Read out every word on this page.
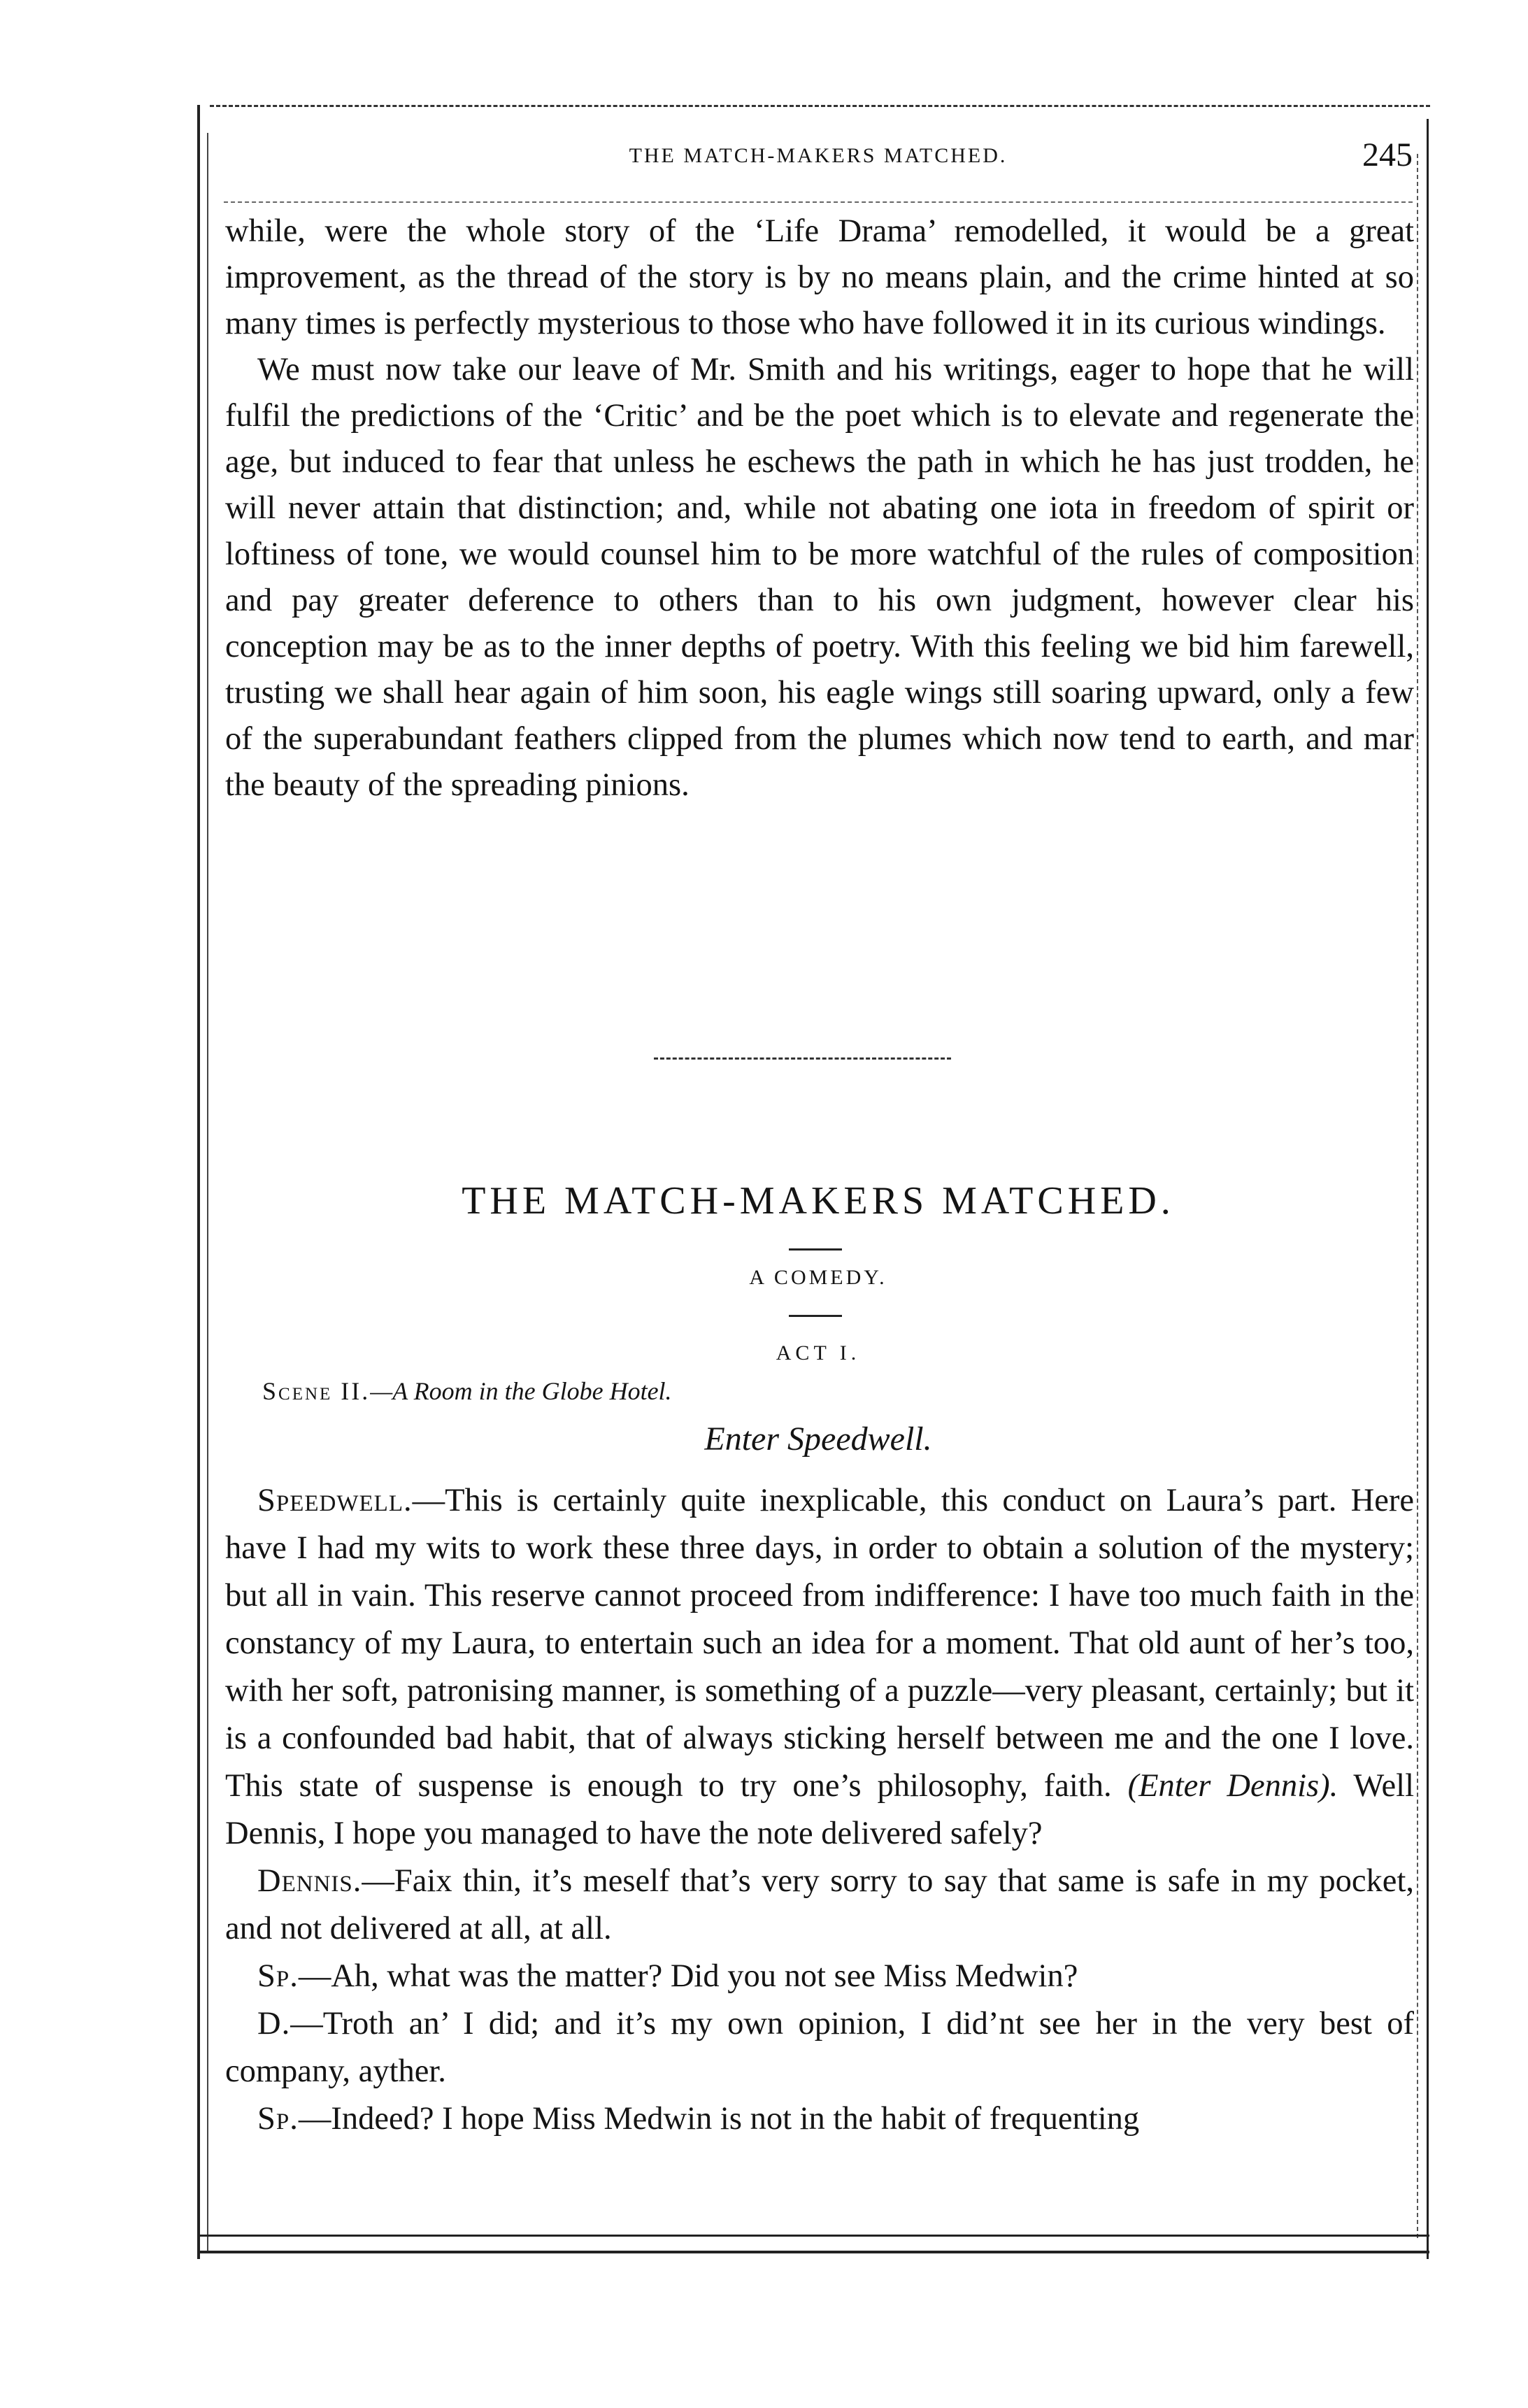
THE MATCH-MAKERS MATCHED.	245

while, were the whole story of the ‘Life Drama’ remodelled, it would be a great improvement, as the thread of the story is by no means plain, and the crime hinted at so many times is perfectly mysterious to those who have followed it in its curious windings.

We must now take our leave of Mr. Smith and his writings, eager to hope that he will fulfil the predictions of the ‘Critic’ and be the poet which is to elevate and regenerate the age, but induced to fear that unless he eschews the path in which he has just trodden, he will never attain that distinction; and, while not abating one iota in freedom of spirit or loftiness of tone, we would counsel him to be more watchful of the rules of composition and pay greater deference to others than to his own judgment, however clear his conception may be as to the inner depths of poetry. With this feeling we bid him farewell, trusting we shall hear again of him soon, his eagle wings still soaring upward, only a few of the superabundant feathers clipped from the plumes which now tend to earth, and mar the beauty of the spreading pinions.

THE MATCH-MAKERS MATCHED.
A COMEDY.
ACT I.
Scene II.—A Room in the Globe Hotel.
Enter Speedwell.

Speedwell.—This is certainly quite inexplicable, this conduct on Laura’s part. Here have I had my wits to work these three days, in order to obtain a solution of the mystery; but all in vain. This reserve cannot proceed from indifference: I have too much faith in the constancy of my Laura, to entertain such an idea for a moment. That old aunt of her’s too, with her soft, patronising manner, is something of a puzzle—very pleasant, certainly; but it is a confounded bad habit, that of always sticking herself between me and the one I love. This state of suspense is enough to try one’s philosophy, faith. (Enter Dennis). Well Dennis, I hope you managed to have the note delivered safely?

Dennis.—Faix thin, it’s meself that’s very sorry to say that same is safe in my pocket, and not delivered at all, at all.

Sp.—Ah, what was the matter? Did you not see Miss Medwin?

D.—Troth an’ I did; and it’s my own opinion, I did’nt see her in the very best of company, ayther.

Sp.—Indeed? I hope Miss Medwin is not in the habit of frequenting
